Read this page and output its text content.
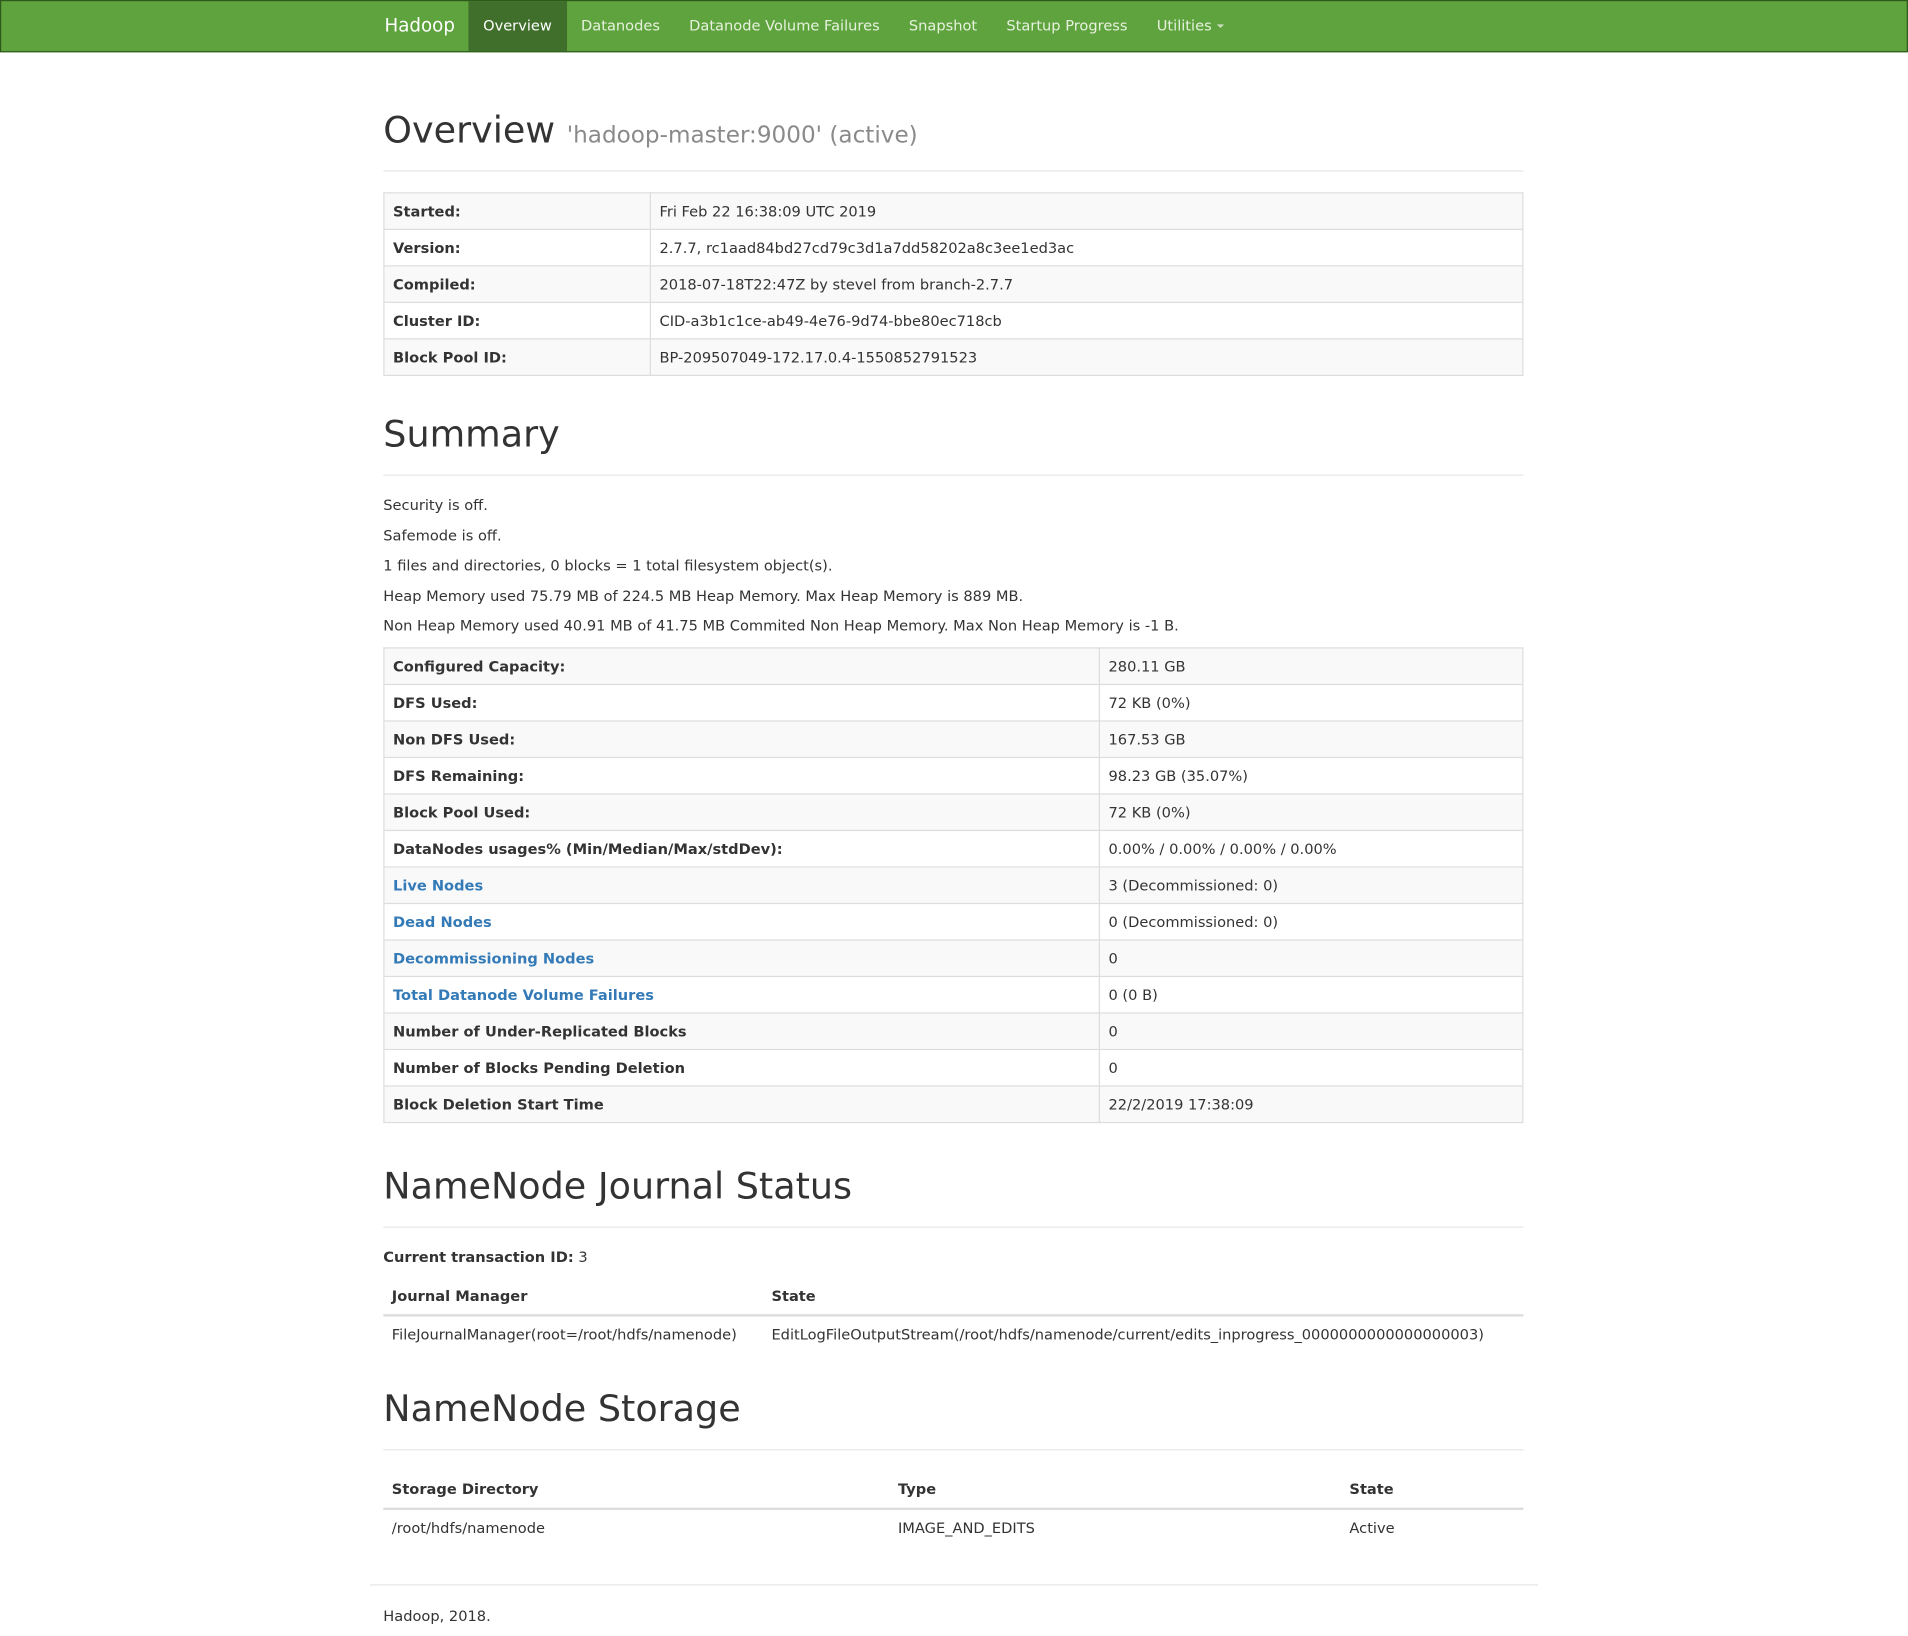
Hadoop	Overview	Datanodes	Datanode Volume Failures	Snapshot	Startup Progress	Utilities
Overview 'hadoop-master:9000' (active)
Started:	Fri Feb 22 16:38:09 UTC 2019
Version:	2.7.7, rc1aad84bd27cd79c3d1a7dd58202a8c3ee1ed3ac
Compiled:	2018-07-18T22:47Z by stevel from branch-2.7.7
Cluster ID:	CID-a3b1c1ce-ab49-4e76-9d74-bbe80ec718cb
Block Pool ID:	BP-209507049-172.17.0.4-1550852791523
Summary
Security is off.
Safemode is off.
1 files and directories, 0 blocks = 1 total filesystem object(s).
Heap Memory used 75.79 MB of 224.5 MB Heap Memory. Max Heap Memory is 889 MB.
Non Heap Memory used 40.91 MB of 41.75 MB Commited Non Heap Memory. Max Non Heap Memory is -1 B.
Configured Capacity:	280.11 GB
DFS Used:	72 KB (0%)
Non DFS Used:	167.53 GB
DFS Remaining:	98.23 GB (35.07%)
Block Pool Used:	72 KB (0%)
DataNodes usages% (Min/Median/Max/stdDev):	0.00% / 0.00% / 0.00% / 0.00%
Live Nodes	3 (Decommissioned: 0)
Dead Nodes	0 (Decommissioned: 0)
Decommissioning Nodes	0
Total Datanode Volume Failures	0 (0 B)
Number of Under-Replicated Blocks	0
Number of Blocks Pending Deletion	0
Block Deletion Start Time	22/2/2019 17:38:09
NameNode Journal Status
Current transaction ID: 3
Journal Manager	State
FileJournalManager(root=/root/hdfs/namenode)	EditLogFileOutputStream(/root/hdfs/namenode/current/edits_inprogress_0000000000000000003)
NameNode Storage
Storage Directory	Type	State
/root/hdfs/namenode	IMAGE_AND_EDITS	Active
Hadoop, 2018.
